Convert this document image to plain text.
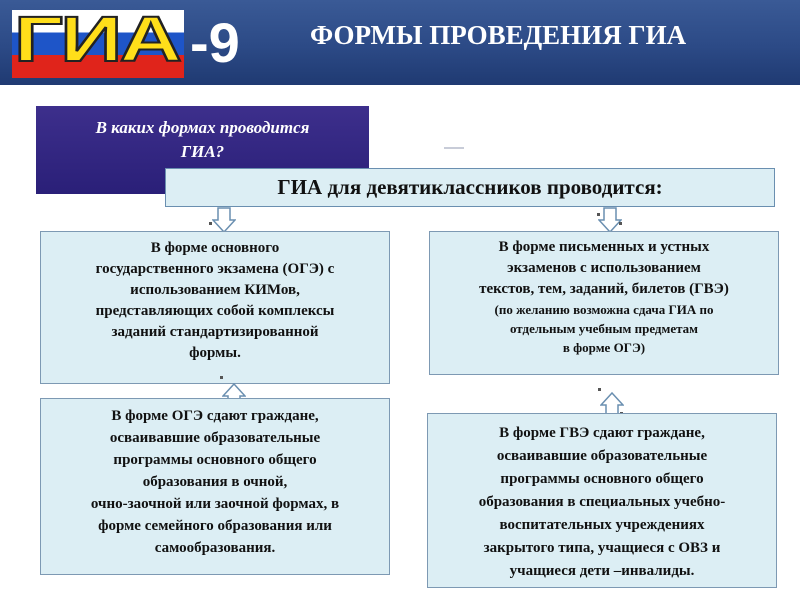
ГИА -9	ФОРМЫ ПРОВЕДЕНИЯ ГИА
В каких формах проводится
ГИА?
ГИА для девятиклассников проводится:
В форме основного
государственного экзамена (ОГЭ) с
использованием КИМов,
представляющих собой комплексы
заданий стандартизированной
формы.
В форме письменных и устных
экзаменов с использованием
текстов, тем, заданий, билетов (ГВЭ)
(по желанию возможна сдача ГИА по
отдельным учебным предметам
в форме ОГЭ)
В форме ОГЭ сдают граждане,
осваивавшие образовательные
программы основного общего
образования в очной,
очно-заочной или заочной формах, в
форме семейного образования или
самообразования.
В форме ГВЭ сдают граждане,
осваивавшие образовательные
программы основного общего
образования в специальных учебно-
воспитательных учреждениях
закрытого типа, учащиеся с ОВЗ и
учащиеся дети –инвалиды.
